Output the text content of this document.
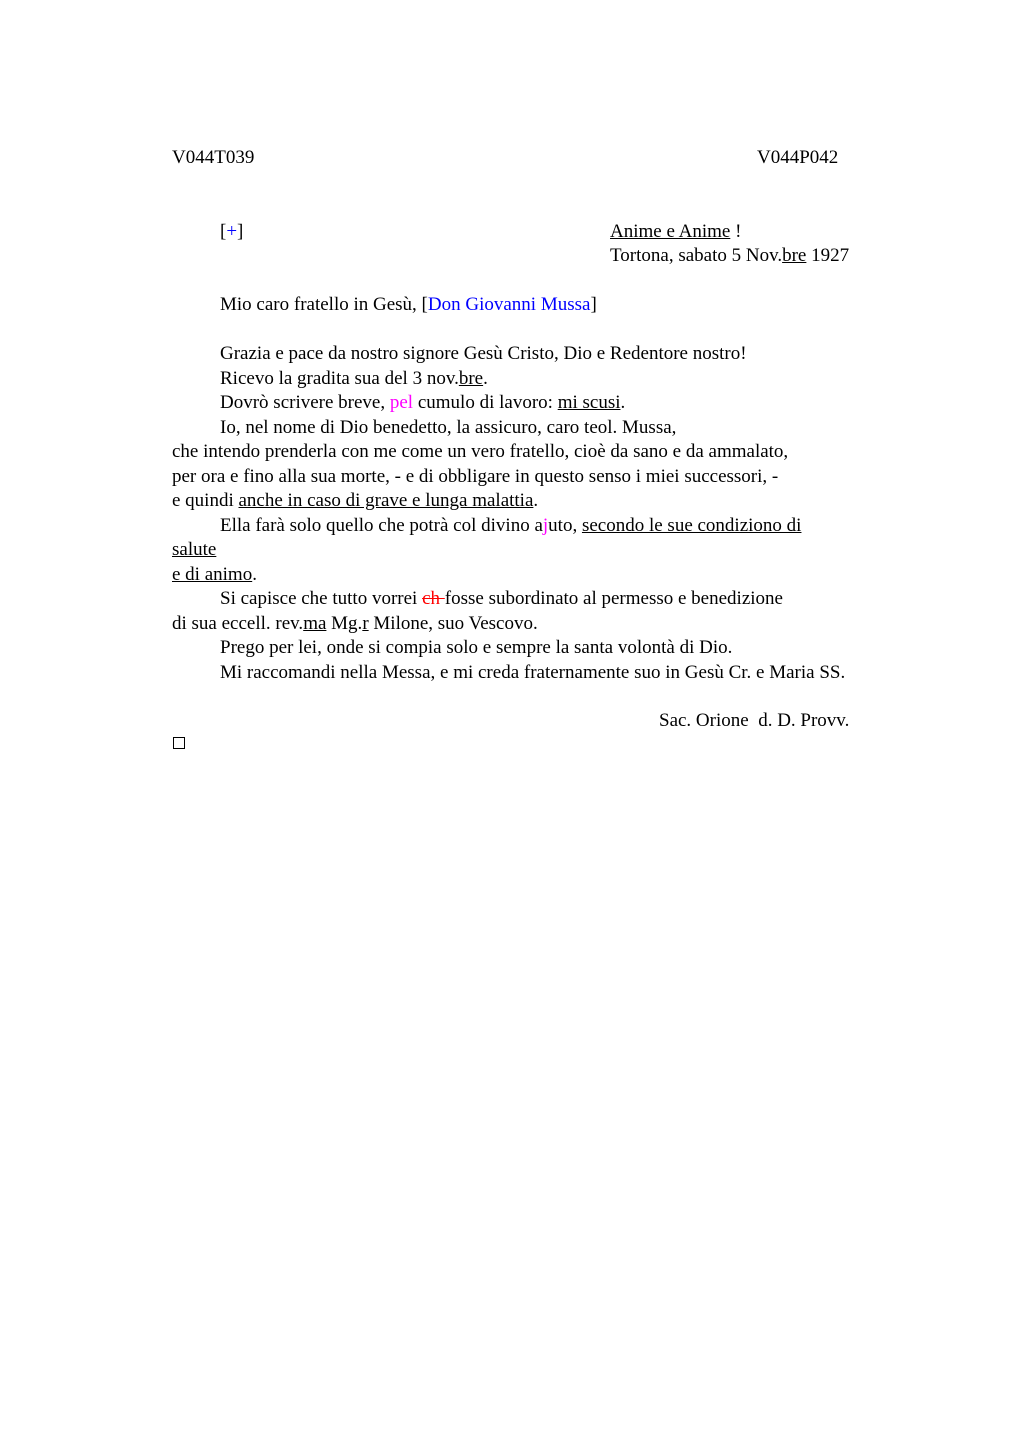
V044T039	V044P042
[+]	Anime e Anime !
Tortona, sabato 5 Nov.bre 1927
Mio caro fratello in Gesù, [Don Giovanni Mussa]
Grazia e pace da nostro signore Gesù Cristo, Dio e Redentore nostro!
Ricevo la gradita sua del 3 nov.bre.
Dovrò scrivere breve, pel cumulo di lavoro: mi scusi.
Io, nel nome di Dio benedetto, la assicuro, caro teol. Mussa,
che intendo prenderla con me come un vero fratello, cioè da sano e da ammalato,
per ora e fino alla sua morte, - e di obbligare in questo senso i miei successori, -
e quindi anche in caso di grave e lunga malattia.
Ella farà solo quello che potrà col divino ajuto, secondo le sue condiziono di
salute
e di animo.
Si capisce che tutto vorrei ch fosse subordinato al permesso e benedizione
di sua eccell. rev.ma Mg.r Milone, suo Vescovo.
Prego per lei, onde si compia solo e sempre la santa volontà di Dio.
Mi raccomandi nella Messa, e mi creda fraternamente suo in Gesù Cr. e Maria SS.
Sac. Orione  d. D. Provv.
